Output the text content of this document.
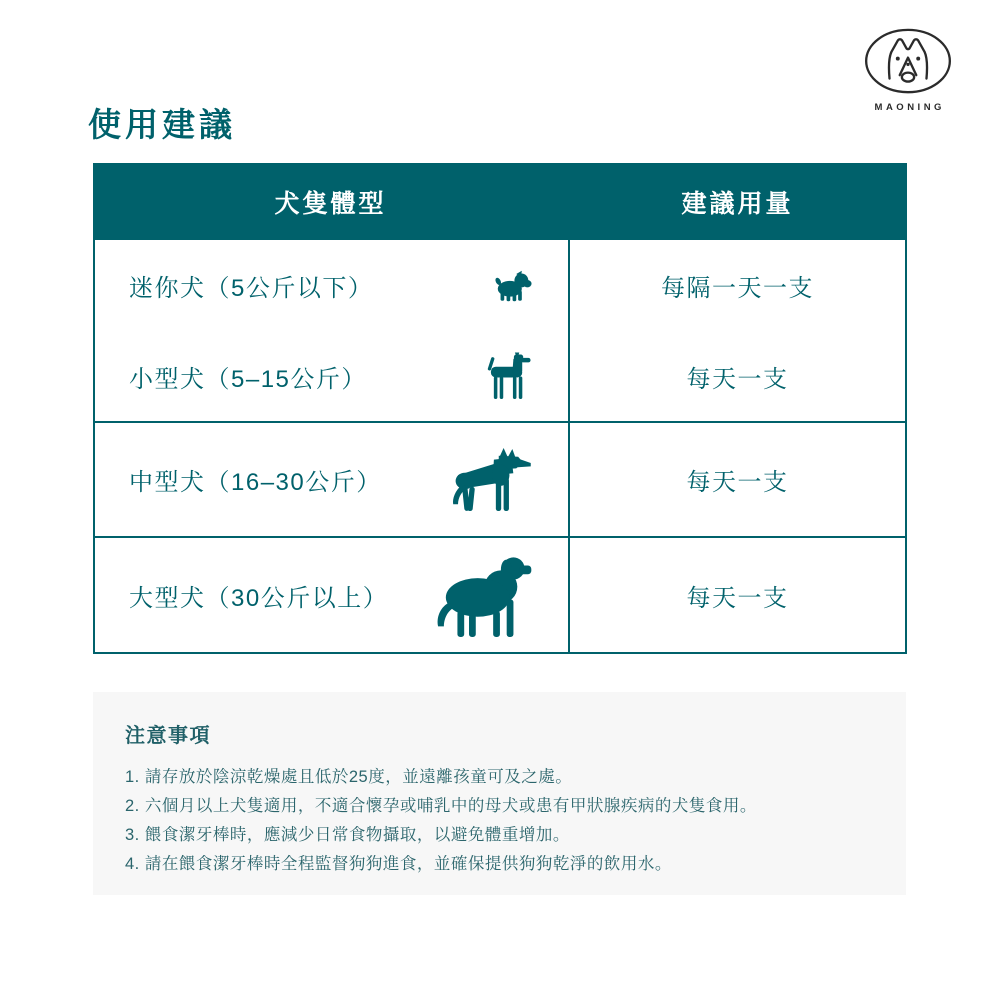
MAONING
使用建議
犬隻體型	建議用量
迷你犬（5公斤以下）	每隔一天一支
小型犬（5–15公斤）	每天一支
中型犬（16–30公斤）	每天一支
大型犬（30公斤以上）	每天一支
注意事項
1. 請存放於陰涼乾燥處且低於25度，並遠離孩童可及之處。
2. 六個月以上犬隻適用，不適合懷孕或哺乳中的母犬或患有甲狀腺疾病的犬隻食用。
3. 餵食潔牙棒時，應減少日常食物攝取，以避免體重增加。
4. 請在餵食潔牙棒時全程監督狗狗進食，並確保提供狗狗乾淨的飲用水。
